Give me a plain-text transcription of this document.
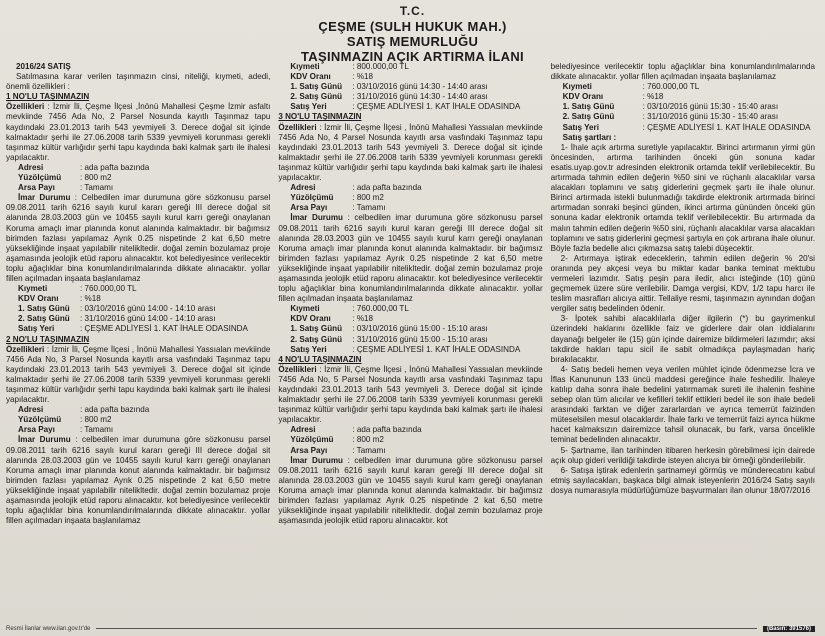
T.C.
ÇEŞME (SULH HUKUK MAH.)
SATIŞ MEMURLUĞU
TAŞINMAZIN AÇIK ARTIRMA İLANI

2016/24 SATIŞ

Satılmasına karar verilen taşınmazın cinsi, niteliği, kıymeti, adedi, önemli özellikleri :

1 NO'LU TAŞINMAZIN

Özellikleri : İzmir İli, Çeşme İlçesi ,İnönü Mahallesi Çeşme İzmir asfaltı mevkiinde 7456 Ada No, 2 Parsel Nosunda kayıtlı Taşınmaz tapu kaydındaki 23.01.2013 tarih 543 yevmiyeli 3. Derece doğal sit içinde kalmaktadır şerhi ile 27.06.2008 tarih 5339 yevmiyeli korunması gerekli taşınmaz kültür varlığıdır şerhi tapu kaydında baki kalmak şartı ile ihalesi yapılacaktır.

Adresi	: ada pafta bazında
Yüzölçümü	: 800 m2
Arsa Payı	: Tamamı

İmar Durumu : Celbedilen imar durumuna göre sözkonusu parsel 09.08.2011 tarih 6216 sayılı kurul kararı gereği III derece doğal sit alanında 28.03.2003 gün ve 10455 sayılı kurul karrı gereği onaylanan Koruma amaçlı imar planında konut alanında kalmaktadır. bir bağımsız birimden fazlası yapılamaz Ayrık 0.25 nispetinde 2 kat 6,50 metre yüksekliğinde inşaat yapılabilir nitelikltedir. doğal zemin bozulamaz proje aşamasında jeolojik etüd raporu alınacaktır. kot belediyesince verilecektir toplu ağaçlıklar bina konumlandırılmalarında dikkate alınacaktır. yollar fillen açılmadan inşaata başlanılamaz

Kıymeti	: 760.000,00 TL
KDV Oranı	: %18
1. Satış Günü	: 03/10/2016 günü 14:00 - 14:10 arası
2. Satış Günü	: 31/10/2016 günü 14:00 - 14:10 arası
Satış Yeri	: ÇEŞME ADLİYESİ 1. KAT İHALE ODASINDA

2 NO'LU TAŞINMAZIN

Özellikleri : İzmir İli, Çeşme İlçesi , İnönü Mahallesi Yassıalan mevkiinde 7456 Ada No, 3 Parsel Nosunda kayıtlı arsa vasfındaki Taşınmaz tapu kaydındaki 23.01.2013 tarih 543 yevmiyeli 3. Derece doğal sit içinde kalmaktadır şerhi ile 27.06.2008 tarih 5339 yevmiyeli korunması gerekli taşınmaz kültür varlığıdır şerhi tapu kaydında baki kalmak şartı ile ihalesi yapılacaktır.

Adresi	: ada pafta bazında
Yüzölçümü	: 800 m2
Arsa Payı	: Tamamı

İmar Durumu : celbedilen imar durumuna göre sözkonusu parsel 09.08.2011 tarih 6216 sayılı kurul kararı gereği III derece doğal sit alanında 28.03.2003 gün ve 10455 sayılı kurul karrı gereği onaylanan Koruma amaçlı imar planında konut alanında kalmaktadır. bir bağımsız birimden fazlası yapılamaz Ayrık 0.25 nispetinde 2 kat 6,50 metre yüksekliğinde inşaat yapılabilir nitelikltedir. doğal zemin bozulamaz proje aşamasında jeolojik etüd raporu alınacaktır. kot belediyesince verilecektir toplu ağaçlıklar bina konumlandırılmalarında dikkate alınacaktır. yollar fillen açılmadan inşaata başlanılamaz

Kıymeti	: 800.000,00 TL
KDV Oranı	: %18
1. Satış Günü	: 03/10/2016 günü 14:30 - 14:40 arası
2. Satış Günü	: 31/10/2016 günü 14:30 - 14:40 arası
Satış Yeri	: ÇEŞME ADLİYESİ 1. KAT İHALE ODASINDA

3 NO'LU TAŞINMAZIN

Özellikleri : İzmir İli, Çeşme İlçesi , İnönü Mahallesi Yassıalan mevkiinde 7456 Ada No, 4 Parsel Nosunda kayıtlı arsa vasfındaki Taşınmaz tapu kaydındaki 23.01.2013 tarih 543 yevmiyeli 3. Derece doğal sit içinde kalmaktadır şerhi ile 27.06.2008 tarih 5339 yevmiyeli korunması gerekli taşınmaz kültür varlığıdır şerhi tapu kaydında baki kalmak şartı ile ihalesi yapılacaktır.

Adresi	: ada pafta bazında
Yüzölçümü	: 800 m2
Arsa Payı	: Tamamı

İmar Durumu : celbedilen imar durumuna göre sözkonusu parsel 09.08.2011 tarih 6216 sayılı kurul kararı gereği III derece doğal sit alanında 28.03.2003 gün ve 10455 sayılı kurul karrı gereği onaylanan Koruma amaçlı imar planında konut alanında kalmaktadır. bir bağımsız birimden fazlası yapılamaz Ayrık 0.25 nispetinde 2 kat 6,50 metre yüksekliğinde inşaat yapılabilir nitelikltedir. doğal zemin bozulamaz proje aşamasında jeolojik etüd raporu alınacaktır. kot belediyesince verilecektir toplu ağaçlıklar bina konumlandırılmalarında dikkate alınacaktır. yollar fillen açılmadan inşaata başlanılamaz

Kıymeti	: 760.000,00 TL
KDV Oranı	: %18
1. Satış Günü	: 03/10/2016 günü 15:00 - 15:10 arası
2. Satış Günü	: 31/10/2016 günü 15:00 - 15:10 arası
Satış Yeri	: ÇEŞME ADLİYESİ 1. KAT İHALE ODASINDA

4 NO'LU TAŞINMAZIN

Özellikleri : İzmir İli, Çeşme İlçesi , İnönü Mahallesi Yassıalan mevkiinde 7456 Ada No, 5 Parsel Nosunda kayıtlı arsa vasfındaki Taşınmaz tapu kaydındaki 23.01.2013 tarih 543 yevmiyeli 3. Derece doğal sit içinde kalmaktadır şerhi ile 27.06.2008 tarih 5339 yevmiyeli korunması gerekli taşınmaz kültür varlığıdır şerhi tapu kaydında baki kalmak şartı ile ihalesi yapılacaktır.

Adresi	: ada pafta bazında
Yüzölçümü	: 800 m2
Arsa Payı	: Tamamı

İmar Durumu : celbedilen imar durumuna göre sözkonusu parsel 09.08.2011 tarih 6216 sayılı kurul kararı gereği III derece doğal sit alanında 28.03.2003 gün ve 10455 sayılı kurul karrı gereği onaylanan Koruma amaçlı imar planında konut alanında kalmaktadır. bir bağımsız birimden fazlası yapılamaz Ayrık 0.25 nispetinde 2 kat 6,50 metre yüksekliğinde inşaat yapılabilir nitelikltedir. doğal zemin bozulamaz proje aşamasında jeolojik etüd raporu alınacaktır. kot

belediyesince verilecektir toplu ağaçlıklar bina konumlandırılmalarında dikkate alınacaktır. yollar fillen açılmadan inşaata başlanılamaz

Kıymeti	: 760.000,00 TL
KDV Oranı	: %18
1. Satış Günü	: 03/10/2016 günü 15:30 - 15:40 arası
2. Satış Günü	: 31/10/2016 günü 15:30 - 15:40 arası
Satış Yeri	: ÇEŞME ADLİYESİ 1. KAT İHALE ODASINDA

Satış şartları :

1- İhale açık artırma suretiyle yapılacaktır. Birinci artırmanın yirmi gün öncesinden, artırma tarihinden önceki gün sonuna kadar esatis.uyap.gov.tr adresinden elektronik ortamda teklif verilebilecektir. Bu artırmada tahmin edilen değerin %50 sini ve rüçhanlı alacaklılar varsa alacakları toplamını ve satış giderlerini geçmek şartı ile ihale olunur. Birinci artırmada istekli bulunmadığı takdirde elektronik artırmada birinci artırmadan sonraki beşinci günden, ikinci artırma gününden önceki gün sonuna kadar elektronik ortamda teklif verilebilecektir. Bu artırmada da malın tahmin edilen değerin %50 sini, rüçhanlı alacaklılar varsa alacakları toplamını ve satış giderlerini geçmesi şartıyla en çok artırana ihale olunur. Böyle fazla bedelle alıcı çıkmazsa satış talebi düşecektir.

2- Artırmaya iştirak edeceklerin, tahmin edilen değerin % 20'si oranında pey akçesi veya bu miktar kadar banka teminat mektubu vermeleri lazımdır. Satış peşin para iledir, alıcı isteğinde (10) günü geçmemek üzere süre verilebilir. Damga vergisi, KDV, 1/2 tapu harcı ile teslim masrafları alıcıya aittir. Tellaliye resmi, taşınmazın aynından doğan vergiler satış bedelinden ödenir.

3- İpotek sahibi alacaklılarla diğer ilgilerin (*) bu gayrimenkul üzerindeki haklarını özellikle faiz ve giderlere dair olan iddialarını dayanağı belgeler ile (15) gün içinde dairemize bildirmeleri lazımdır; aksi takdirde hakları tapu sicil ile sabit olmadıkça paylaşmadan hariç bırakılacaktır.

4- Satış bedeli hemen veya verilen mühlet içinde ödenmezse İcra ve İflas Kanununun 133 üncü maddesi gereğince ihale feshedilir. İhaleye katılıp daha sonra ihale bedelini yatırmamak sureti ile ihalenin feshine sebep olan tüm alıcılar ve kefilleri teklif ettikleri bedel ile son ihale bedeli arasındaki farktan ve diğer zararlardan ve ayrıca temerrüt faizinden müteselsilen mesul olacaklardır. İhale farkı ve temerrüt faizi ayrıca hükme hacet kalmaksızın dairemizce tahsil olunacak, bu fark, varsa öncelikle teminat bedelinden alınacaktır.

5- Şartname, ilan tarihinden itibaren herkesin görebilmesi için dairede açık olup gideri verildiği takdirde isteyen alıcıya bir örneği gönderilebilir.

6- Satışa iştirak edenlerin şartnameyi görmüş ve münderecatını kabul etmiş sayılacakları, başkaca bilgi almak isteyenlerin 2016/24 Satış sayılı dosya numarasıyla müdürlüğümüze başvurmaları ilan olunur 18/07/2016

Resmi İlanlar www.ilan.gov.tr'de	(Basın: 391576)
